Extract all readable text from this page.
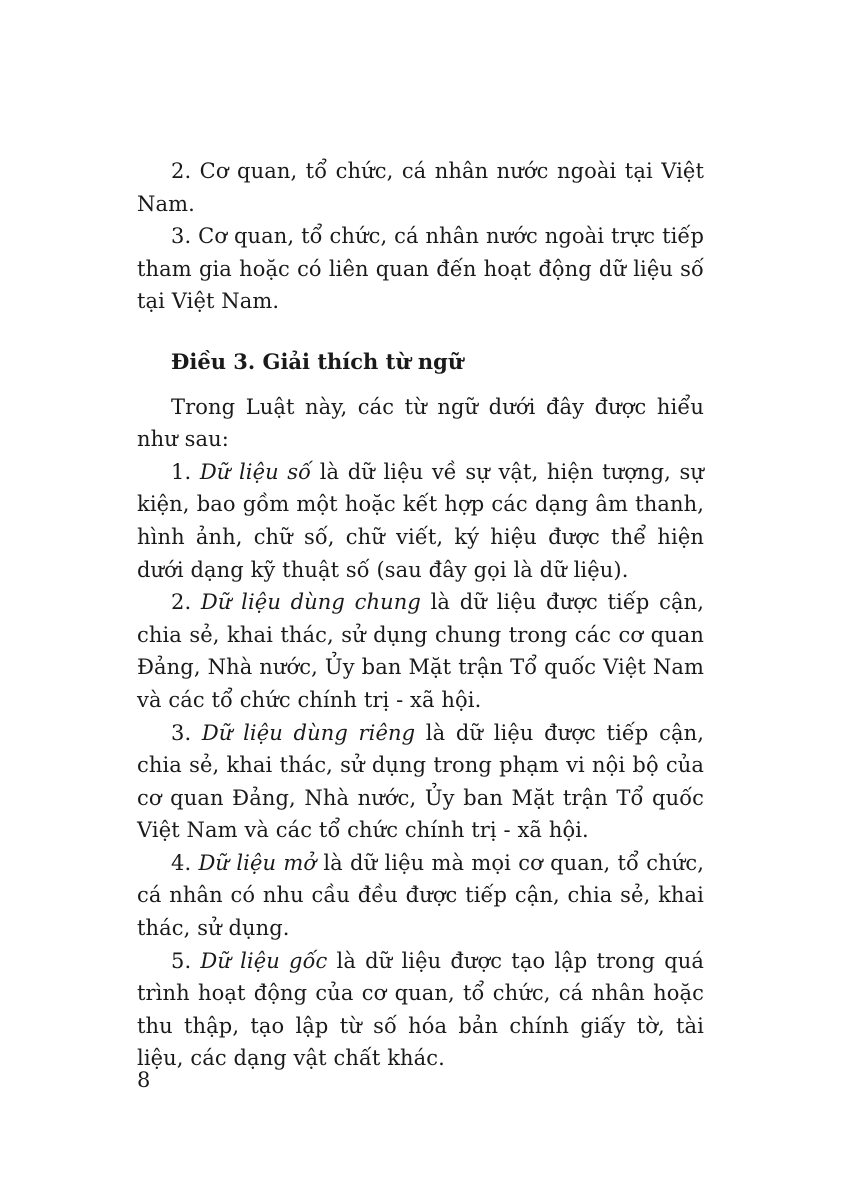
2. Cơ quan, tổ chức, cá nhân nước ngoài tại Việt Nam.

3. Cơ quan, tổ chức, cá nhân nước ngoài trực tiếp tham gia hoặc có liên quan đến hoạt động dữ liệu số tại Việt Nam.

Điều 3. Giải thích từ ngữ

Trong Luật này, các từ ngữ dưới đây được hiểu như sau:

1. Dữ liệu số là dữ liệu về sự vật, hiện tượng, sự kiện, bao gồm một hoặc kết hợp các dạng âm thanh, hình ảnh, chữ số, chữ viết, ký hiệu được thể hiện dưới dạng kỹ thuật số (sau đây gọi là dữ liệu).

2. Dữ liệu dùng chung là dữ liệu được tiếp cận, chia sẻ, khai thác, sử dụng chung trong các cơ quan Đảng, Nhà nước, Ủy ban Mặt trận Tổ quốc Việt Nam và các tổ chức chính trị - xã hội.

3. Dữ liệu dùng riêng là dữ liệu được tiếp cận, chia sẻ, khai thác, sử dụng trong phạm vi nội bộ của cơ quan Đảng, Nhà nước, Ủy ban Mặt trận Tổ quốc Việt Nam và các tổ chức chính trị - xã hội.

4. Dữ liệu mở là dữ liệu mà mọi cơ quan, tổ chức, cá nhân có nhu cầu đều được tiếp cận, chia sẻ, khai thác, sử dụng.

5. Dữ liệu gốc là dữ liệu được tạo lập trong quá trình hoạt động của cơ quan, tổ chức, cá nhân hoặc thu thập, tạo lập từ số hóa bản chính giấy tờ, tài liệu, các dạng vật chất khác.

8
